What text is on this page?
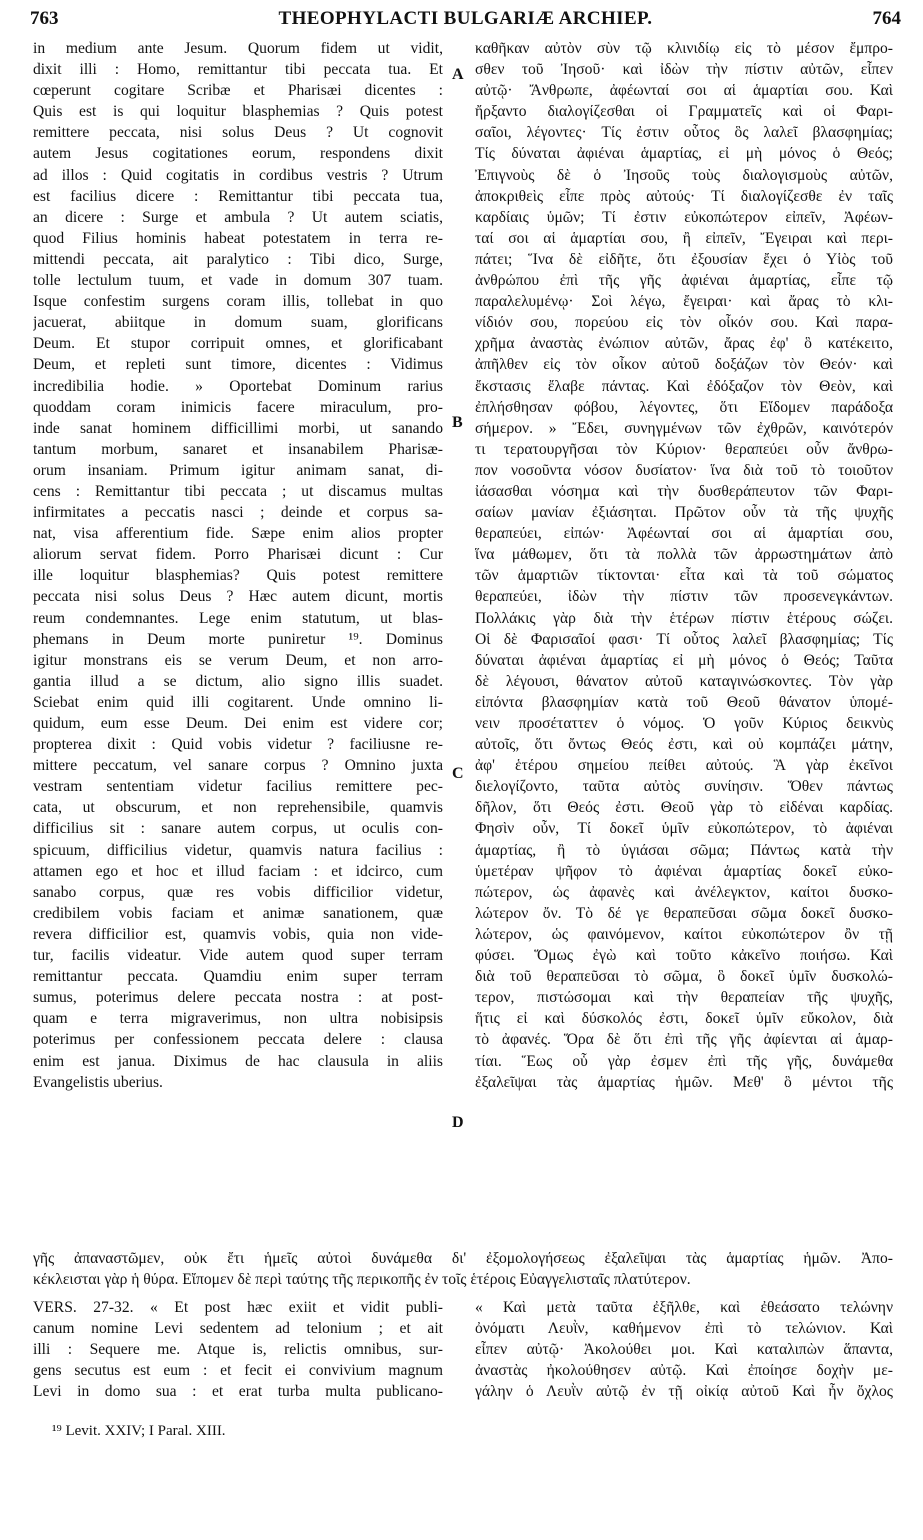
763	THEOPHYLACTI BULGARIÆ ARCHIEP.	764
A
B
C
D
in medium ante Jesum. Quorum fidem ut vidit,
dixit illi : Homo, remittantur tibi peccata tua. Et
cœperunt cogitare Scribæ et Pharisæi dicentes :
Quis est is qui loquitur blasphemias ? Quis potest
remittere peccata, nisi solus Deus ? Ut cognovit
autem Jesus cogitationes eorum, respondens dixit
ad illos : Quid cogitatis in cordibus vestris ? Utrum
est facilius dicere : Remittantur tibi peccata tua,
an dicere : Surge et ambula ? Ut autem sciatis,
quod Filius hominis habeat potestatem in terra re-
mittendi peccata, ait paralytico : Tibi dico, Surge,
tolle lectulum tuum, et vade in domum 307 tuam.
Isque confestim surgens coram illis, tollebat in quo
jacuerat, abiitque in domum suam, glorificans
Deum. Et stupor corripuit omnes, et glorificabant
Deum, et repleti sunt timore, dicentes : Vidimus
incredibilia hodie. » Oportebat Dominum rarius
quoddam coram inimicis facere miraculum, pro-
inde sanat hominem difficillimi morbi, ut sanando
tantum morbum, sanaret et insanabilem Pharisæ-
orum insaniam. Primum igitur animam sanat, di-
cens : Remittantur tibi peccata ; ut discamus multas
infirmitates a peccatis nasci ; deinde et corpus sa-
nat, visa afferentium fide. Sæpe enim alios propter
aliorum servat fidem. Porro Pharisæi dicunt : Cur
ille loquitur blasphemias? Quis potest remittere
peccata nisi solus Deus ? Hæc autem dicunt, mortis
reum condemnantes. Lege enim statutum, ut blas-
phemans in Deum morte puniretur ¹⁹. Dominus
igitur monstrans eis se verum Deum, et non arro-
gantia illud a se dictum, alio signo illis suadet.
Sciebat enim quid illi cogitarent. Unde omnino li-
quidum, eum esse Deum. Dei enim est videre cor;
propterea dixit : Quid vobis videtur ? faciliusne re-
mittere peccatum, vel sanare corpus ? Omnino juxta
vestram sententiam videtur facilius remittere pec-
cata, ut obscurum, et non reprehensibile, quamvis
difficilius sit : sanare autem corpus, ut oculis con-
spicuum, difficilius videtur, quamvis natura facilius :
attamen ego et hoc et illud faciam : et idcirco, cum
sanabo corpus, quæ res vobis difficilior videtur,
credibilem vobis faciam et animæ sanationem, quæ
revera difficilior est, quamvis vobis, quia non vide-
tur, facilis videatur. Vide autem quod super terram
remittantur peccata. Quamdiu enim super terram
sumus, poterimus delere peccata nostra : at post-
quam e terra migraverimus, non ultra nobisipsis
poterimus per confessionem peccata delere : clausa
enim est janua. Diximus de hac clausula in aliis
Evangelistis uberius.
καθῆκαν αὐτὸν σὺν τῷ κλινιδίῳ εἰς τὸ μέσον ἔμπρο-
σθεν τοῦ Ἰησοῦ· καὶ ἰδὼν τὴν πίστιν αὐτῶν, εἶπεν
αὐτῷ· Ἄνθρωπε, ἀφέωνταί σοι αἱ ἁμαρτίαι σου. Καὶ
ἤρξαντο διαλογίζεσθαι οἱ Γραμματεῖς καὶ οἱ Φαρι-
σαῖοι, λέγοντες· Τίς ἐστιν οὗτος ὃς λαλεῖ βλασφημίας;
Τίς δύναται ἀφιέναι ἁμαρτίας, εἰ μὴ μόνος ὁ Θεός;
Ἐπιγνοὺς δὲ ὁ Ἰησοῦς τοὺς διαλογισμοὺς αὐτῶν,
ἀποκριθεὶς εἶπε πρὸς αὐτούς· Τί διαλογίζεσθε ἐν ταῖς
καρδίαις ὑμῶν; Τί ἐστιν εὐκοπώτερον εἰπεῖν, Ἀφέων-
ταί σοι αἱ ἁμαρτίαι σου, ἢ εἰπεῖν, Ἔγειραι καὶ περι-
πάτει; Ἵνα δὲ εἰδῆτε, ὅτι ἐξουσίαν ἔχει ὁ Υἱὸς τοῦ
ἀνθρώπου ἐπὶ τῆς γῆς ἀφιέναι ἁμαρτίας, εἶπε τῷ
παραλελυμένῳ· Σοὶ λέγω, ἔγειραι· καὶ ἄρας τὸ κλι-
νίδιόν σου, πορεύου εἰς τὸν οἶκόν σου. Καὶ παρα-
χρῆμα ἀναστὰς ἐνώπιον αὐτῶν, ἄρας ἐφ' ὃ κατέκειτο,
ἀπῆλθεν εἰς τὸν οἶκον αὐτοῦ δοξάζων τὸν Θεόν· καὶ
ἔκστασις ἔλαβε πάντας. Καὶ ἐδόξαζον τὸν Θεὸν, καὶ
ἐπλήσθησαν φόβου, λέγοντες, ὅτι Εἴδομεν παράδοξα
σήμερον. » Ἔδει, συνηγμένων τῶν ἐχθρῶν, καινότερόν
τι τερατουργῆσαι τὸν Κύριον· θεραπεύει οὖν ἄνθρω-
πον νοσοῦντα νόσον δυσίατον· ἵνα διὰ τοῦ τὸ τοιοῦτον
ἰάσασθαι νόσημα καὶ τὴν δυσθεράπευτον τῶν Φαρι-
σαίων μανίαν ἐξιάσηται. Πρῶτον οὖν τὰ τῆς ψυχῆς
θεραπεύει, εἰπών· Ἀφέωνταί σοι αἱ ἁμαρτίαι σου,
ἵνα μάθωμεν, ὅτι τὰ πολλὰ τῶν ἀρρωστημάτων ἀπὸ
τῶν ἁμαρτιῶν τίκτονται· εἶτα καὶ τὰ τοῦ σώματος
θεραπεύει, ἰδὼν τὴν πίστιν τῶν προσενεγκάντων.
Πολλάκις γὰρ διὰ τὴν ἑτέρων πίστιν ἑτέρους σώζει.
Οἱ δὲ Φαρισαῖοί φασι· Τί οὗτος λαλεῖ βλασφημίας; Τίς
δύναται ἀφιέναι ἁμαρτίας εἰ μὴ μόνος ὁ Θεός; Ταῦτα
δὲ λέγουσι, θάνατον αὐτοῦ καταγινώσκοντες. Τὸν γὰρ
εἰπόντα βλασφημίαν κατὰ τοῦ Θεοῦ θάνατον ὑπομέ-
νειν προσέταττεν ὁ νόμος. Ὁ γοῦν Κύριος δεικνὺς
αὐτοῖς, ὅτι ὄντως Θεός ἐστι, καὶ οὐ κομπάζει μάτην,
ἀφ' ἑτέρου σημείου πείθει αὐτούς. Ἃ γὰρ ἐκεῖνοι
διελογίζοντο, ταῦτα αὐτὸς συνίησιν. Ὅθεν πάντως
δῆλον, ὅτι Θεός ἐστι. Θεοῦ γὰρ τὸ εἰδέναι καρδίας.
Φησὶν οὖν, Τί δοκεῖ ὑμῖν εὐκοπώτερον, τὸ ἀφιέναι
ἁμαρτίας, ἢ τὸ ὑγιάσαι σῶμα; Πάντως κατὰ τὴν
ὑμετέραν ψῆφον τὸ ἀφιέναι ἁμαρτίας δοκεῖ εὐκο-
πώτερον, ὡς ἀφανὲς καὶ ἀνέλεγκτον, καίτοι δυσκο-
λώτερον ὄν. Τὸ δέ γε θεραπεῦσαι σῶμα δοκεῖ δυσκο-
λώτερον, ὡς φαινόμενον, καίτοι εὐκοπώτερον ὂν τῇ
φύσει. Ὅμως ἐγὼ καὶ τοῦτο κἀκεῖνο ποιήσω. Καὶ
διὰ τοῦ θεραπεῦσαι τὸ σῶμα, ὃ δοκεῖ ὑμῖν δυσκολώ-
τερον, πιστώσομαι καὶ τὴν θεραπείαν τῆς ψυχῆς,
ἥτις εἰ καὶ δύσκολός ἐστι, δοκεῖ ὑμῖν εὔκολον, διὰ
τὸ ἀφανές. Ὅρα δὲ ὅτι ἐπὶ τῆς γῆς ἀφίενται αἱ ἁμαρ-
τίαι. Ἕως οὗ γὰρ ἐσμεν ἐπὶ τῆς γῆς, δυνάμεθα
ἐξαλεῖψαι τὰς ἁμαρτίας ἡμῶν. Μεθ' ὃ μέντοι τῆς
γῆς ἀπαναστῶμεν, οὐκ ἔτι ἡμεῖς αὐτοὶ δυνάμεθα δι' ἐξομολογήσεως ἐξαλεῖψαι τὰς ἁμαρτίας ἡμῶν. Ἀπο-
κέκλεισται γὰρ ἡ θύρα. Εἴπομεν δὲ περὶ ταύτης τῆς περικοπῆς ἐν τοῖς ἑτέροις Εὐαγγελισταῖς πλατύτερον.
VERS. 27-32. « Et post hæc exiit et vidit publi-
canum nomine Levi sedentem ad telonium ; et ait
illi : Sequere me. Atque is, relictis omnibus, sur-
gens secutus est eum : et fecit ei convivium magnum
Levi in domo sua : et erat turba multa publicano-
« Καὶ μετὰ ταῦτα ἐξῆλθε, καὶ ἐθεάσατο τελώνην
ὀνόματι Λευῒν, καθήμενον ἐπὶ τὸ τελώνιον. Καὶ
εἶπεν αὐτῷ· Ἀκολούθει μοι. Καὶ καταλιπὼν ἅπαντα,
ἀναστὰς ἠκολούθησεν αὐτῷ. Καὶ ἐποίησε δοχὴν με-
γάλην ὁ Λευῒν αὐτῷ ἐν τῇ οἰκίᾳ αὐτοῦ Καὶ ἦν ὄχλος
¹⁹ Levit. XXIV; I Paral. XIII.
